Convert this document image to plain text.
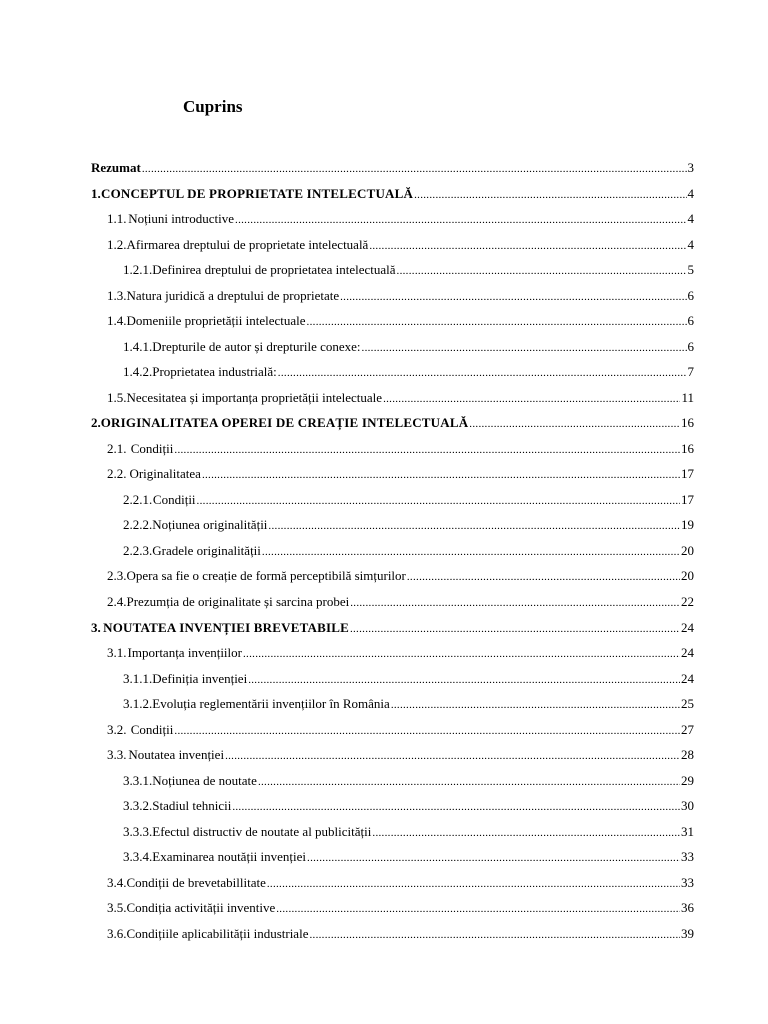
Cuprins
Rezumat .....	3
1. CONCEPTUL DE PROPRIETATE INTELECTUALĂ .....	4
1.1. Noțiuni introductive .....	4
1.2. Afirmarea dreptului de proprietate intelectuală .....	4
1.2.1. Definirea dreptului de proprietatea intelectuală .....	5
1.3. Natura juridică a dreptului de proprietate .....	6
1.4. Domeniile proprietății intelectuale .....	6
1.4.1. Drepturile de autor și drepturile conexe: .....	6
1.4.2. Proprietatea industrială: .....	7
1.5. Necesitatea și importanța proprietății intelectuale .....	11
2. ORIGINALITATEA OPEREI DE CREAȚIE INTELECTUALĂ .....	16
2.1. Condiții .....	16
2.2. Originalitatea .....	17
2.2.1. Condiții .....	17
2.2.2. Noțiunea originalității .....	19
2.2.3. Gradele originalității .....	20
2.3. Opera sa fie o creație de formă perceptibilă simțurilor .....	20
2.4. Prezumția de originalitate și sarcina probei .....	22
3. NOUTATEA INVENȚIEI BREVETABILE .....	24
3.1. Importanța invențiilor .....	24
3.1.1. Definiția invenției .....	24
3.1.2. Evoluția reglementării invențiilor în România .....	25
3.2. Condiții .....	27
3.3. Noutatea invenției .....	28
3.3.1. Noțiunea de noutate .....	29
3.3.2. Stadiul tehnicii .....	30
3.3.3. Efectul distructiv de noutate al publicității .....	31
3.3.4. Examinarea noutății invenției .....	33
3.4. Condiții de brevetabillitate .....	33
3.5. Condiția activității inventive .....	36
3.6. Condițiile aplicabilității industriale .....	39
